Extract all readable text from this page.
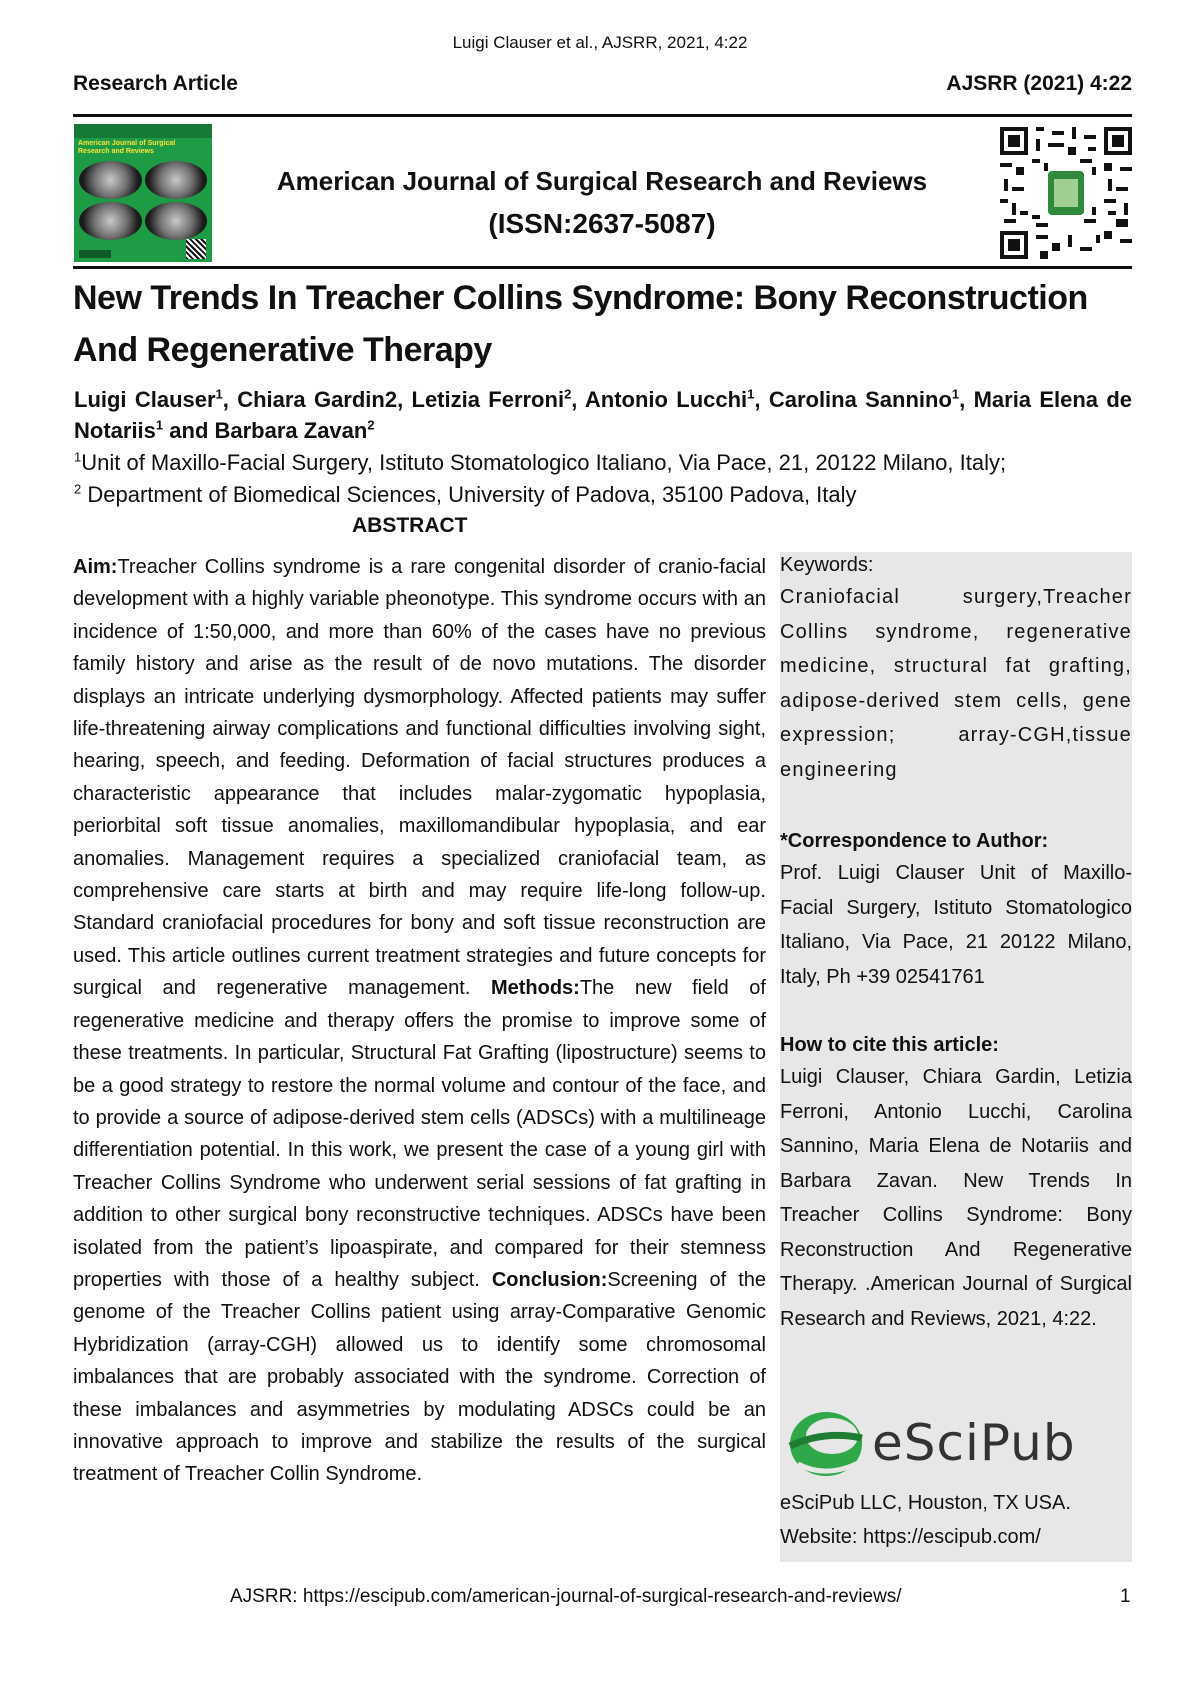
Luigi Clauser et al., AJSRR, 2021, 4:22
Research Article	AJSRR (2021) 4:22
American Journal of Surgical Research and Reviews
American Journal of Surgical Research and Reviews
(ISSN:2637-5087)
New Trends In Treacher Collins Syndrome: Bony Reconstruction
And Regenerative Therapy
Luigi Clauser$^1$, Chiara Gardin2, Letizia Ferroni$^2$, Antonio Lucchi$^1$, Carolina Sannino$^1$, Maria Elena de Notariis$^1$ and Barbara Zavan$^2$
$^1$Unit of Maxillo-Facial Surgery, Istituto Stomatologico Italiano, Via Pace, 21, 20122 Milano, Italy;
$^2$ Department of Biomedical Sciences, University of Padova, 35100 Padova, Italy
ABSTRACT
Aim:Treacher Collins syndrome is a rare congenital disorder of cranio-facial development with a highly variable pheonotype. This syndrome occurs with an incidence of 1:50,000, and more than 60% of the cases have no previous family history and arise as the result of de novo mutations. The disorder displays an intricate underlying dysmorphology. Affected patients may suffer life-threatening airway complications and functional difficulties involving sight, hearing, speech, and feeding. Deformation of facial structures produces a characteristic appearance that includes malar-zygomatic hypoplasia, periorbital soft tissue anomalies, maxillomandibular hypoplasia, and ear anomalies. Management requires a specialized craniofacial team, as comprehensive care starts at birth and may require life-long follow-up. Standard craniofacial procedures for bony and soft tissue reconstruction are used. This article outlines current treatment strategies and future concepts for surgical and regenerative management. Methods:The new field of regenerative medicine and therapy offers the promise to improve some of these treatments. In particular, Structural Fat Grafting (lipostructure) seems to be a good strategy to restore the normal volume and contour of the face, and to provide a source of adipose-derived stem cells (ADSCs) with a multilineage differentiation potential. In this work, we present the case of a young girl with Treacher Collins Syndrome who underwent serial sessions of fat grafting in addition to other surgical bony reconstructive techniques. ADSCs have been isolated from the patient’s lipoaspirate, and compared for their stemness properties with those of a healthy subject. Conclusion:Screening of the genome of the Treacher Collins patient using array-Comparative Genomic Hybridization (array-CGH) allowed us to identify some chromosomal imbalances that are probably associated with the syndrome. Correction of these imbalances and asymmetries by modulating ADSCs could be an innovative approach to improve and stabilize the results of the surgical treatment of Treacher Collin Syndrome.
Keywords:
Craniofacial surgery,Treacher Collins syndrome, regenerative medicine, structural fat grafting, adipose-derived stem cells, gene expression; array-CGH,tissue engineering
*Correspondence to Author:
Prof. Luigi Clauser Unit of Maxillo-Facial Surgery, Istituto Stomatologico Italiano, Via Pace, 21 20122 Milano, Italy, Ph +39 02541761
How to cite this article:
Luigi Clauser, Chiara Gardin, Letizia Ferroni, Antonio Lucchi, Carolina Sannino, Maria Elena de Notariis and Barbara Zavan. New Trends In Treacher Collins Syndrome: Bony Reconstruction And Regenerative Therapy. .American Journal of Surgical Research and Reviews, 2021, 4:22.
eSciPub
eSciPub LLC, Houston, TX USA.
Website: https://escipub.com/
AJSRR: https://escipub.com/american-journal-of-surgical-research-and-reviews/	1
